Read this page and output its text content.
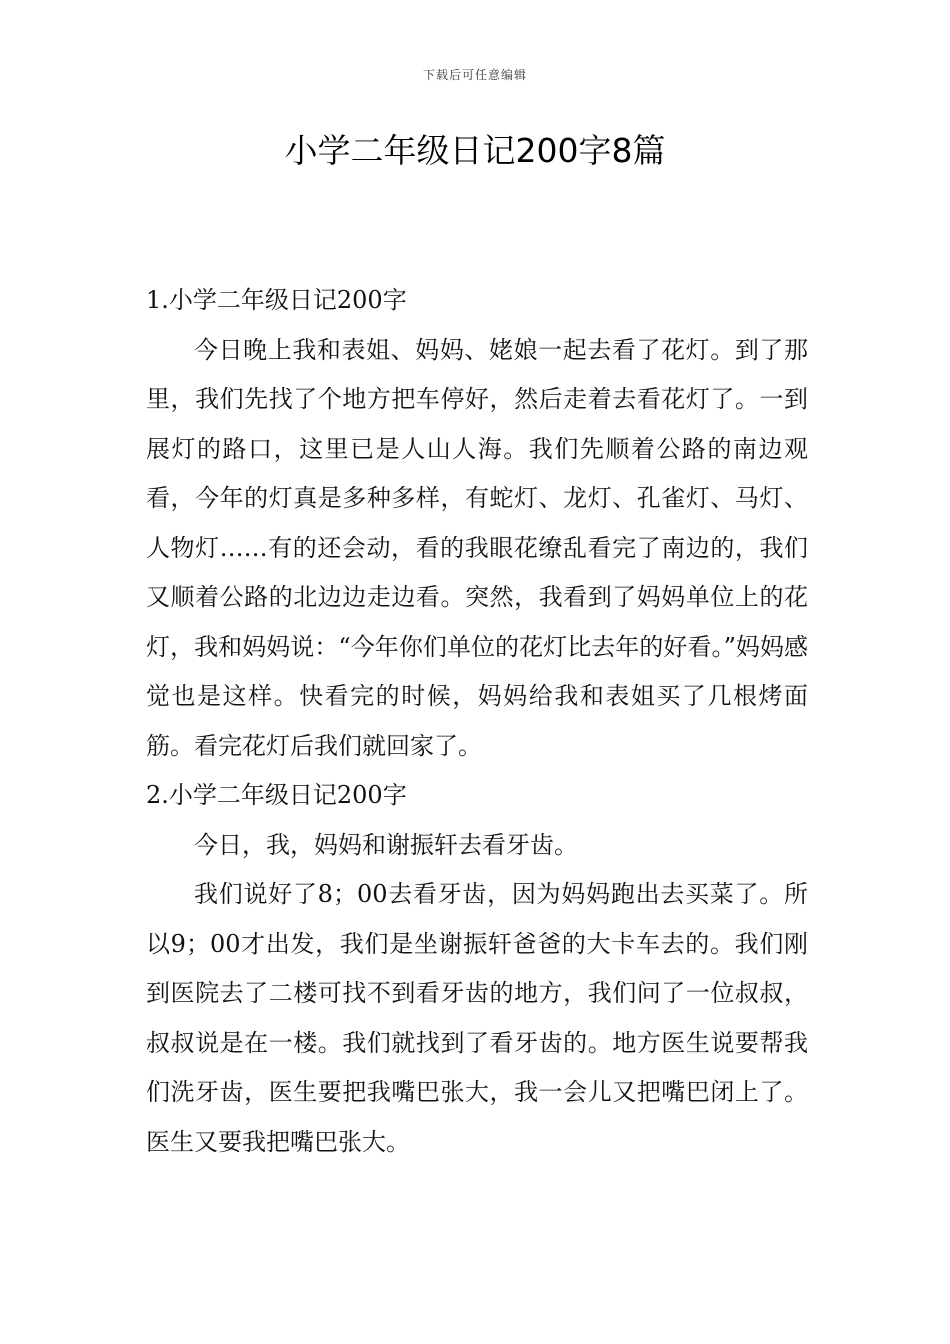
下载后可任意编辑
小学二年级日记200字8篇

1.小学二年级日记200字

今日晚上我和表姐、妈妈、姥娘一起去看了花灯。到了那里，我们先找了个地方把车停好，然后走着去看花灯了。一到展灯的路口，这里已是人山人海。我们先顺着公路的南边观看，今年的灯真是多种多样，有蛇灯、龙灯、孔雀灯、马灯、人物灯……有的还会动，看的我眼花缭乱看完了南边的，我们又顺着公路的北边边走边看。突然，我看到了妈妈单位上的花灯，我和妈妈说：“今年你们单位的花灯比去年的好看。”妈妈感觉也是这样。快看完的时候，妈妈给我和表姐买了几根烤面筋。看完花灯后我们就回家了。

2.小学二年级日记200字

今日，我，妈妈和谢振轩去看牙齿。

我们说好了8；00去看牙齿，因为妈妈跑出去买菜了。所以9；00才出发，我们是坐谢振轩爸爸的大卡车去的。我们刚到医院去了二楼可找不到看牙齿的地方，我们问了一位叔叔，叔叔说是在一楼。我们就找到了看牙齿的。地方医生说要帮我们洗牙齿，医生要把我嘴巴张大，我一会儿又把嘴巴闭上了。医生又要我把嘴巴张大。
